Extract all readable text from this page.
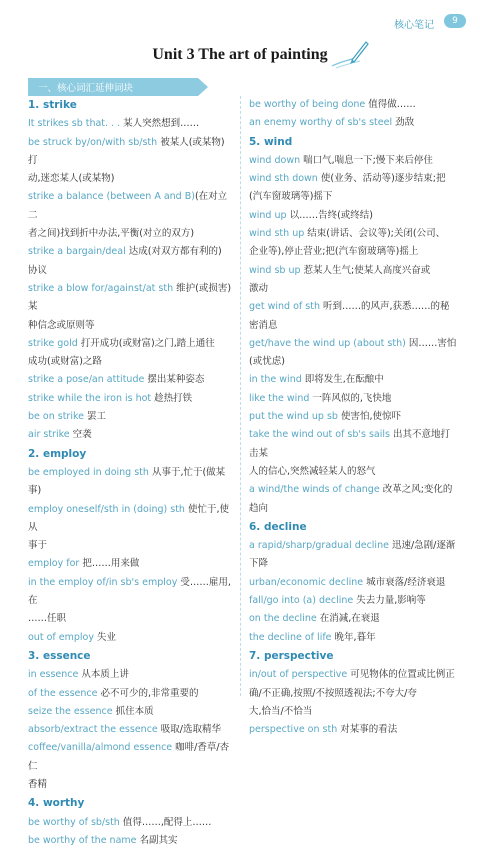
核心笔记	9
Unit 3 The art of painting
一、核心词汇延伸词块
1. strike
It strikes sb that. . . 某人突然想到……
be struck by/on/with sb/sth 被某人(或某物)打
动,迷恋某人(或某物)
strike a balance (between A and B)(在对立二
者之间)找到折中办法,平衡(对立的双方)
strike a bargain/deal 达成(对双方都有利的)
协议
strike a blow for/against/at sth 维护(或损害)某
种信念或原则等
strike gold 打开成功(或财富)之门,踏上通往
成功(或财富)之路
strike a pose/an attitude 摆出某种姿态
strike while the iron is hot 趁热打铁
be on strike 罢工
air strike 空袭
2. employ
be employed in doing sth 从事于,忙于(做某事)
employ oneself/sth in (doing) sth 使忙于,使从
事于
employ for 把……用来做
in the employ of/in sb's employ 受……雇用,在
……任职
out of employ 失业
3. essence
in essence 从本质上讲
of the essence 必不可少的,非常重要的
seize the essence 抓住本质
absorb/extract the essence 吸取/选取精华
coffee/vanilla/almond essence 咖啡/香草/杏仁
香精
4. worthy
be worthy of sb/sth 值得……,配得上……
be worthy of the name 名副其实
be worthy of being done 值得做……
an enemy worthy of sb's steel 劲敌
5. wind
wind down 喘口气,喘息一下;慢下来后停住
wind sth down 使(业务、活动等)逐步结束;把
(汽车窗玻璃等)摇下
wind up 以……告终(或终结)
wind sth up 结束(讲话、会议等);关闭(公司、
企业等),停止营业;把(汽车窗玻璃等)摇上
wind sb up 惹某人生气;使某人高度兴奋或
激动
get wind of sth 听到……的风声,获悉……的秘
密消息
get/have the wind up (about sth) 因……害怕
(或忧虑)
in the wind 即将发生,在酝酿中
like the wind 一阵风似的,飞快地
put the wind up sb 使害怕,使惊吓
take the wind out of sb's sails 出其不意地打击某
人的信心,突然减轻某人的怒气
a wind/the winds of change 改革之风;变化的
趋向
6. decline
a rapid/sharp/gradual decline 迅速/急剧/逐渐
下降
urban/economic decline 城市衰落/经济衰退
fall/go into (a) decline 失去力量,影响等
on the decline 在消减,在衰退
the decline of life 晚年,暮年
7. perspective
in/out of perspective 可见物体的位置或比例正
确/不正确,按照/不按照透视法;不夸大/夸
大,恰当/不恰当
perspective on sth 对某事的看法
